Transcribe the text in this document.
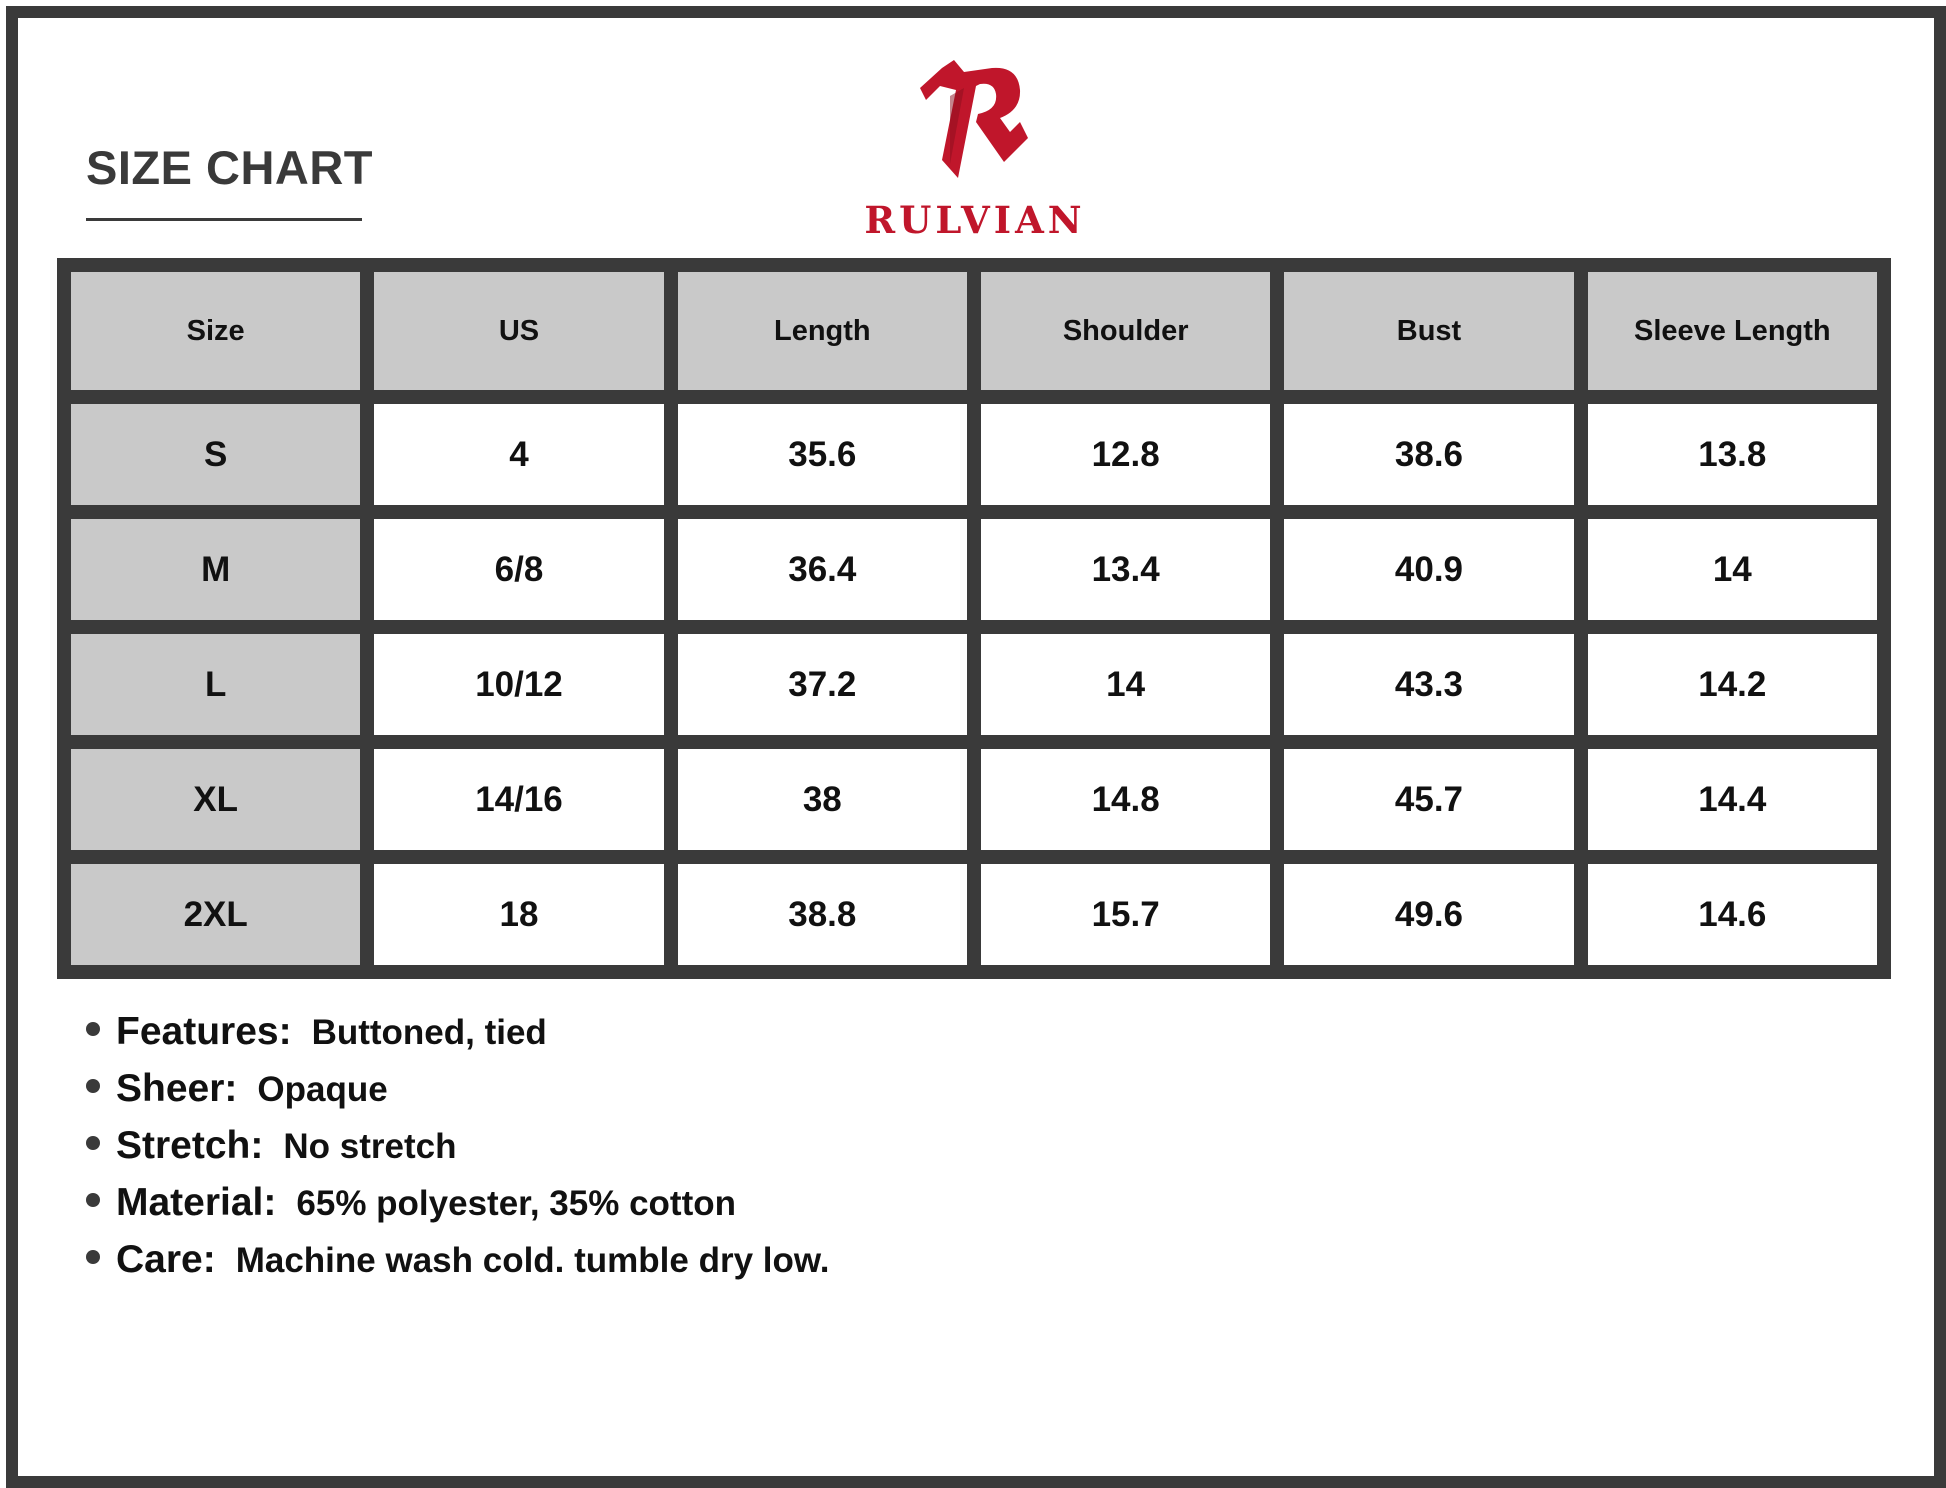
SIZE CHART
RULVIAN
Size	US	Length	Shoulder	Bust	Sleeve Length
S	4	35.6	12.8	38.6	13.8
M	6/8	36.4	13.4	40.9	14
L	10/12	37.2	14	43.3	14.2
XL	14/16	38	14.8	45.7	14.4
2XL	18	38.8	15.7	49.6	14.6
Features: Buttoned, tied
Sheer: Opaque
Stretch: No stretch
Material: 65% polyester, 35% cotton
Care: Machine wash cold. tumble dry low.
